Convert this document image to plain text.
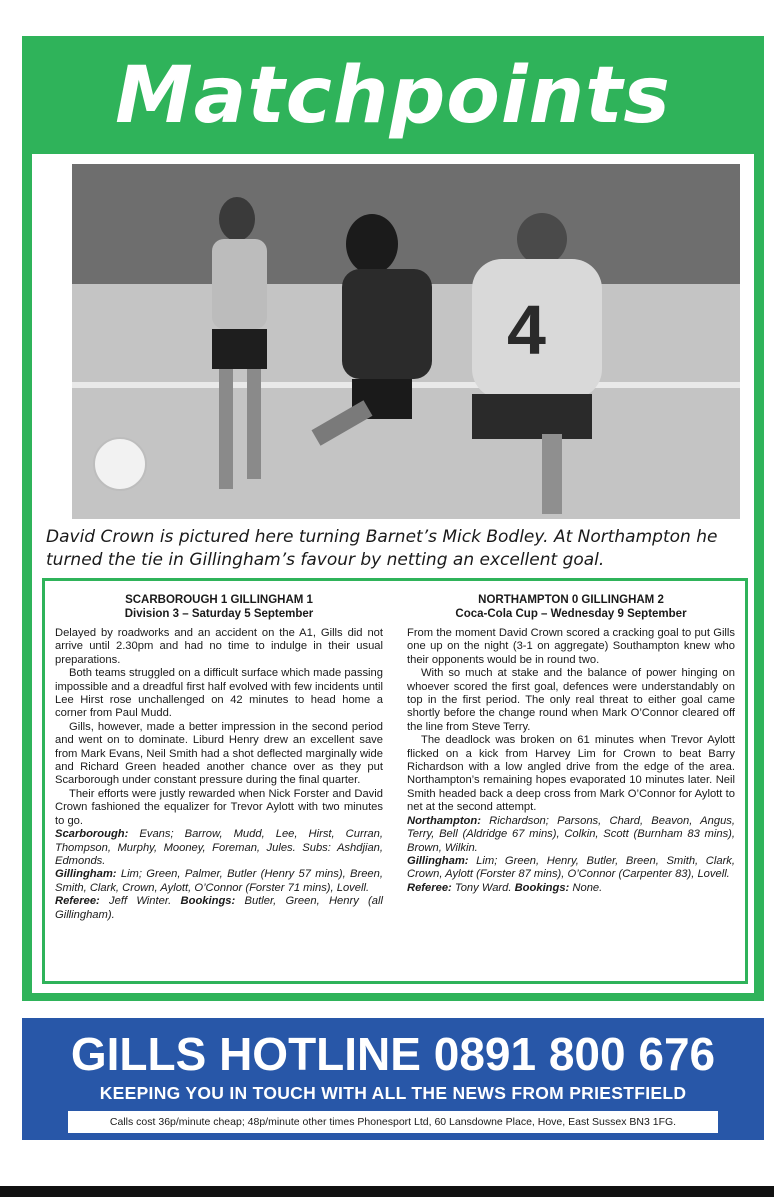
Matchpoints
4
David Crown is pictured here turning Barnet’s Mick Bodley. At Northampton he turned the tie in Gillingham’s favour by netting an excellent goal.
SCARBOROUGH 1 GILLINGHAM 1
Division 3 – Saturday 5 September

Delayed by roadworks and an accident on the A1, Gills did not arrive until 2.30pm and had no time to indulge in their usual preparations.

Both teams struggled on a difficult surface which made passing impossible and a dreadful first half evolved with few incidents until Lee Hirst rose unchallenged on 42 minutes to head home a corner from Paul Mudd.

Gills, however, made a better impression in the second period and went on to dominate. Liburd Henry drew an excellent save from Mark Evans, Neil Smith had a shot deflected marginally wide and Richard Green headed another chance over as they put Scarborough under constant pressure during the final quarter.

Their efforts were justly rewarded when Nick Forster and David Crown fashioned the equalizer for Trevor Aylott with two minutes to go.

Scarborough: Evans; Barrow, Mudd, Lee, Hirst, Curran, Thompson, Murphy, Mooney, Foreman, Jules. Subs: Ashdjian, Edmonds.

Gillingham: Lim; Green, Palmer, Butler (Henry 57 mins), Breen, Smith, Clark, Crown, Aylott, O’Connor (Forster 71 mins), Lovell.

Referee: Jeff Winter. Bookings: Butler, Green, Henry (all Gillingham).

NORTHAMPTON 0 GILLINGHAM 2
Coca-Cola Cup – Wednesday 9 September

From the moment David Crown scored a cracking goal to put Gills one up on the night (3-1 on aggregate) Southampton knew who their opponents would be in round two.

With so much at stake and the balance of power hinging on whoever scored the first goal, defences were understandably on top in the first period. The only real threat to either goal came shortly before the change round when Mark O’Connor cleared off the line from Steve Terry.

The deadlock was broken on 61 minutes when Trevor Aylott flicked on a kick from Harvey Lim for Crown to beat Barry Richardson with a low angled drive from the edge of the area. Northampton’s remaining hopes evaporated 10 minutes later. Neil Smith headed back a deep cross from Mark O’Connor for Aylott to net at the second attempt.

Northampton: Richardson; Parsons, Chard, Beavon, Angus, Terry, Bell (Aldridge 67 mins), Colkin, Scott (Burnham 83 mins), Brown, Wilkin.

Gillingham: Lim; Green, Henry, Butler, Breen, Smith, Clark, Crown, Aylott (Forster 87 mins), O’Connor (Carpenter 83), Lovell.

Referee: Tony Ward. Bookings: None.

GILLS HOTLINE 0891 800 676
KEEPING YOU IN TOUCH WITH ALL THE NEWS FROM PRIESTFIELD
Calls cost 36p/minute cheap; 48p/minute other times Phonesport Ltd, 60 Lansdowne Place, Hove, East Sussex BN3 1FG.
